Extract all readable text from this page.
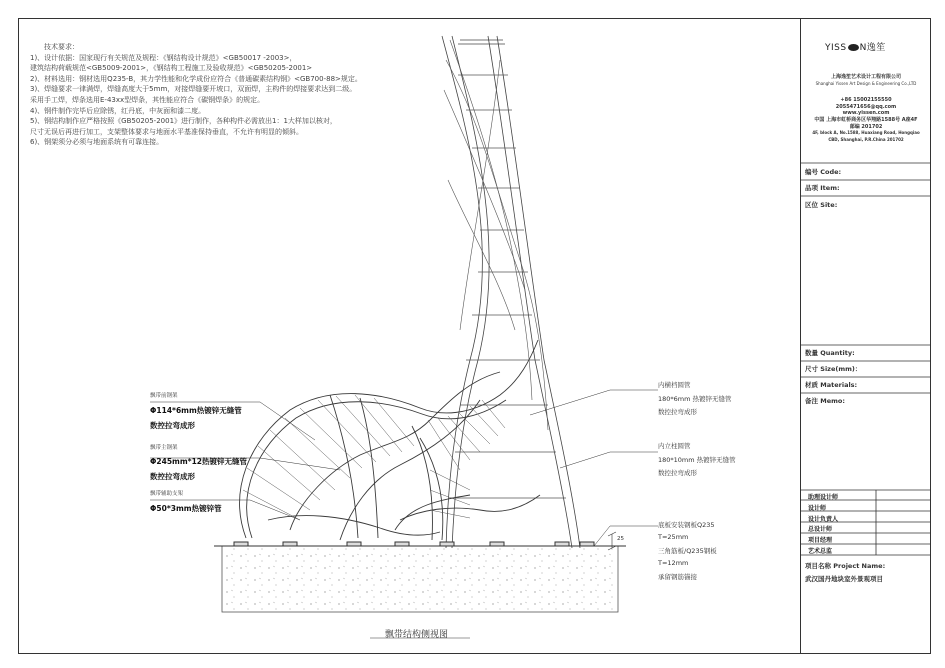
技术要求：
1)、设计依据：国家现行有关规范及规程：《钢结构设计规范》<GB50017 -2003>，
建筑结构荷载规范<GB5009-2001>，《钢结构工程施工及验收规范》<GB50205-2001>
2)、材料选用：钢材选用Q235-B，其力学性能和化学成份应符合《普通碳素结构钢》<GB700-88>规定。
3)、焊缝要求一律满焊，焊缝高度大于5mm，对接焊缝要开坡口，双面焊，主构件的焊接要求达到二级。
采用手工焊，焊条选用E-43xx型焊条，其性能应符合《碳钢焊条》的规定。
4)、钢件制作完毕后应除锈，红丹底，中灰面和漆二度。
5)、钢结构制作应严格按照《GB50205-2001》进行制作，各种构件必需放出1：1大样加以核对，
尺寸无误后再进行加工，支架整体要求与地面水平基准保持垂直，不允许有明显的倾斜。
6)、钢架须分必须与地面系统有可靠连接。
飘带前钢架
Φ114*6mm热镀锌无缝管
数控拉弯成形
飘带主钢架
Φ245mm*12热镀锌无缝管
数控拉弯成形
飘带辅助支架
Φ50*3mm热镀锌管
内横档圆管
180*6mm 热镀锌无缝管
数控拉弯成形
内立柱圆管
180*10mm 热镀锌无缝管
数控拉弯成形
底板安装钢板Q235
T=25mm
三角筋板/Q235钢板
T=12mm
承留钢筋锚接
25
飘带结构侧视图
YISS N逸笙
上海逸笙艺术设计工程有限公司
Shanghai Yissen Art Design & Engineering Co.,LTD
+86 15002155550
2055471656@qq.com
www.yissen.com
中国 上海市虹桥商务区华翔路1588号 A座4F
邮编 201702
4F, block A, No.1588, Huaxiang Road, Hongqiao
CBD, Shanghai, P.R.China 201702
编号 Code:
品项 Item:
区位 Site:
数量 Quantity:
尺寸 Size(mm)：
材质 Materials:
备注 Memo:
助理设计师
设计师
设计负责人
总设计师
项目经理
艺术总监
项目名称 Project Name:
武汉国丹地块室外景观项目
